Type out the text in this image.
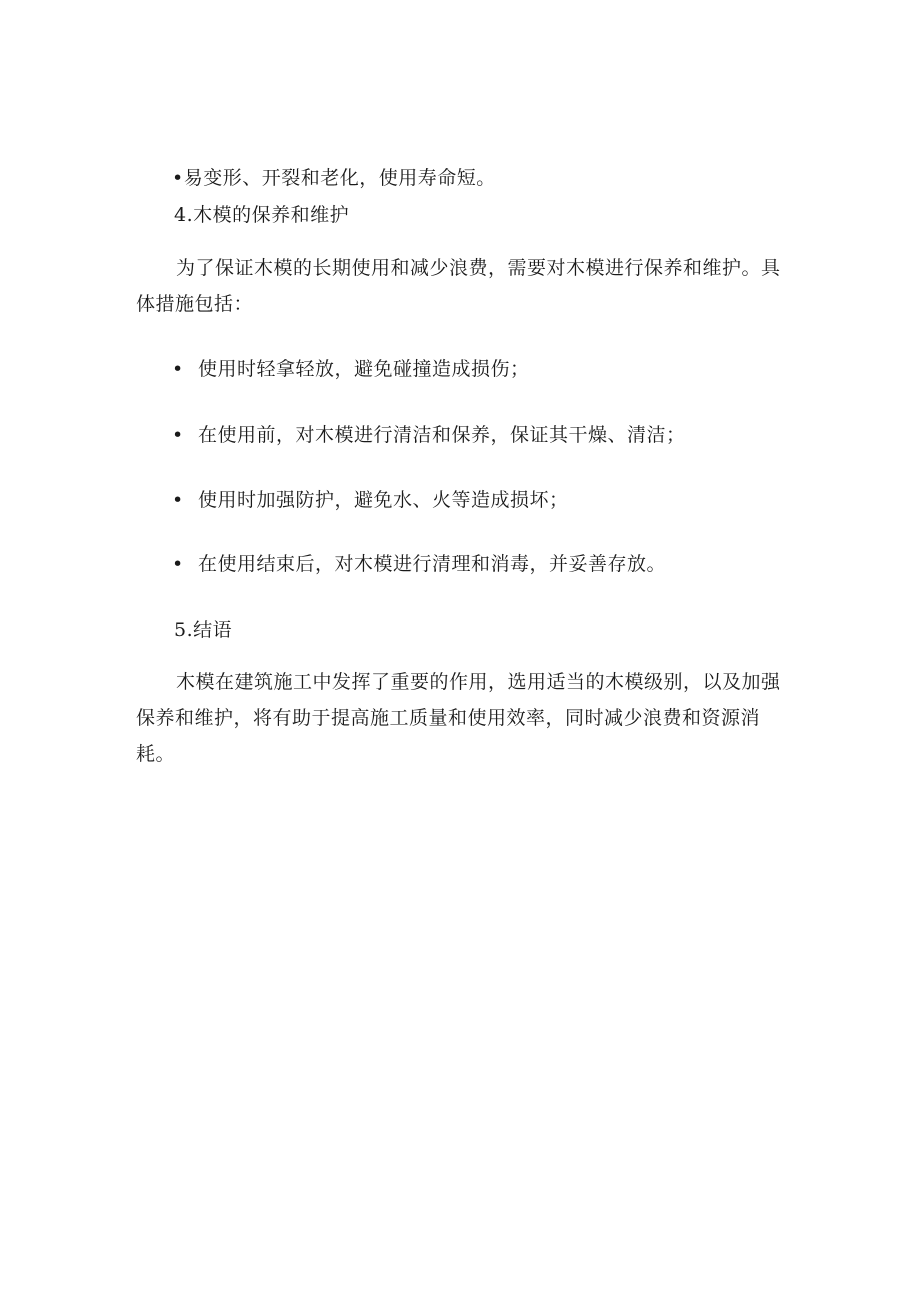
•易变形、开裂和老化，使用寿命短。
4.木模的保养和维护
为了保证木模的长期使用和减少浪费，需要对木模进行保养和维护。具体措施包括：
• 使用时轻拿轻放，避免碰撞造成损伤；
• 在使用前，对木模进行清洁和保养，保证其干燥、清洁；
• 使用时加强防护，避免水、火等造成损坏；
• 在使用结束后，对木模进行清理和消毒，并妥善存放。
5.结语
木模在建筑施工中发挥了重要的作用，选用适当的木模级别，以及加强保养和维护，将有助于提高施工质量和使用效率，同时减少浪费和资源消耗。
